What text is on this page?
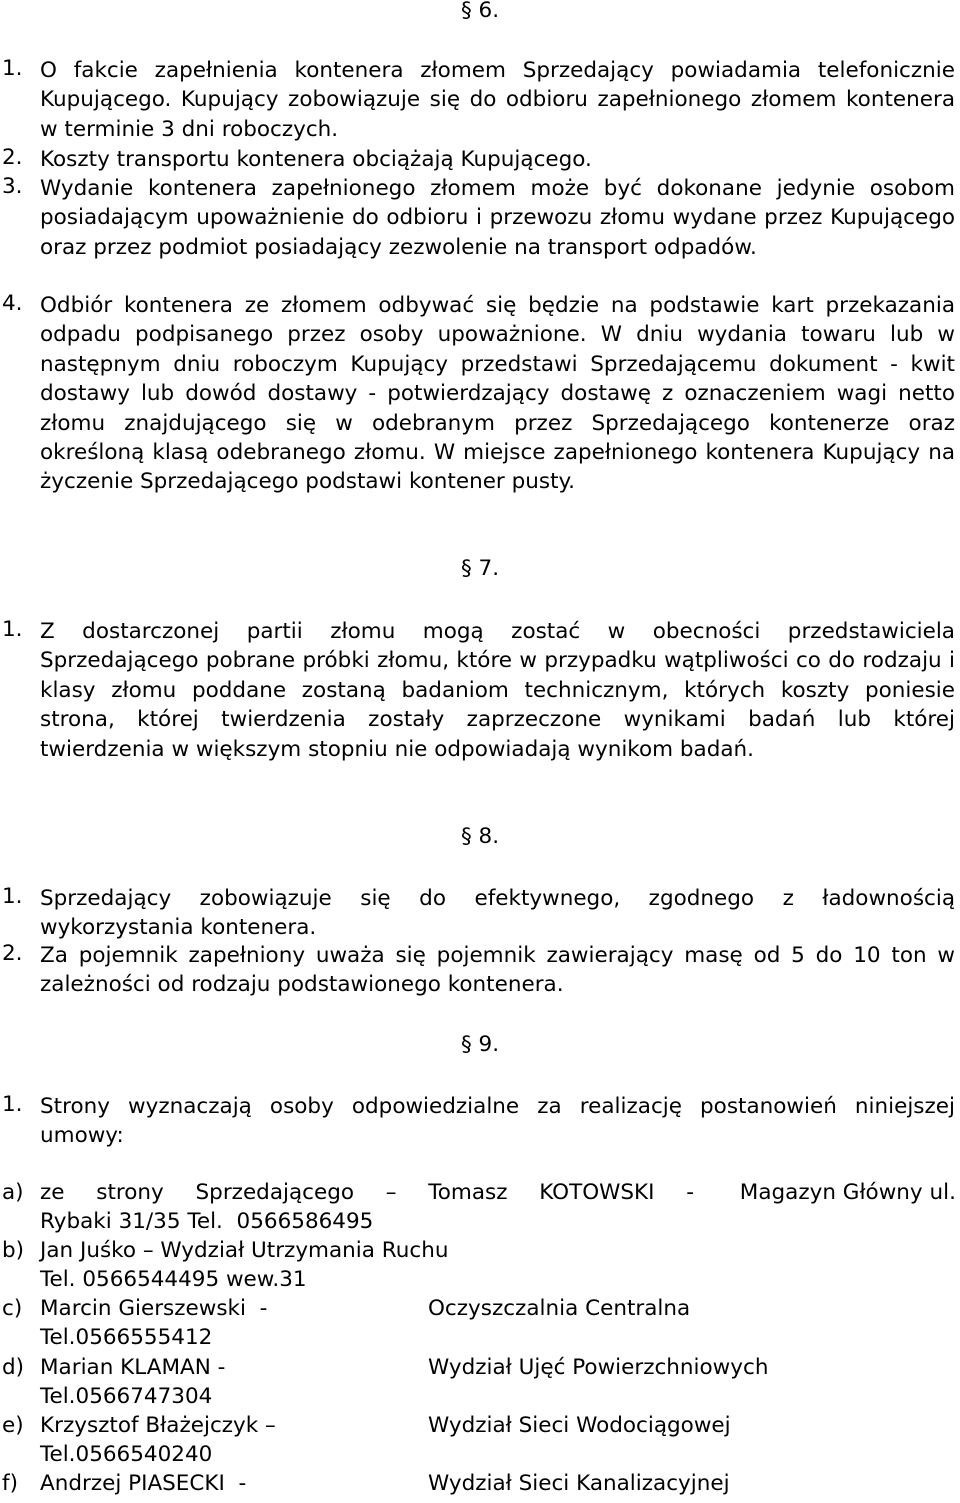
§ 6.
1. O fakcie zapełnienia kontenera złomem Sprzedający powiadamia telefonicznie Kupującego. Kupujący zobowiązuje się do odbioru zapełnionego złomem kontenera w terminie 3 dni roboczych.
2. Koszty transportu kontenera obciążają Kupującego.
3. Wydanie kontenera zapełnionego złomem może być dokonane jedynie osobom posiadającym upoważnienie do odbioru i przewozu złomu wydane przez Kupującego oraz przez podmiot posiadający zezwolenie na transport odpadów.
4. Odbiór kontenera ze złomem odbywać się będzie na podstawie kart przekazania odpadu podpisanego przez osoby upoważnione. W dniu wydania towaru lub w następnym dniu roboczym Kupujący przedstawi Sprzedającemu dokument - kwit dostawy lub dowód dostawy - potwierdzający dostawę z oznaczeniem wagi netto złomu znajdującego się w odebranym przez Sprzedającego kontenerze oraz określoną klasą odebranego złomu. W miejsce zapełnionego kontenera Kupujący na życzenie Sprzedającego podstawi kontener pusty.
§ 7.
1. Z dostarczonej partii złomu mogą zostać w obecności przedstawiciela Sprzedającego pobrane próbki złomu, które w przypadku wątpliwości co do rodzaju i klasy złomu poddane zostaną badaniom technicznym, których koszty poniesie strona, której twierdzenia zostały zaprzeczone wynikami badań lub której twierdzenia w większym stopniu nie odpowiadają wynikom badań.
§ 8.
1. Sprzedający zobowiązuje się do efektywnego, zgodnego z ładownością wykorzystania kontenera.
2. Za pojemnik zapełniony uważa się pojemnik zawierający masę od 5 do 10 ton w zależności od rodzaju podstawionego kontenera.
§ 9.
1. Strony wyznaczają osoby odpowiedzialne za realizację postanowień niniejszej umowy:
a) ze strony Sprzedającego – Tomasz KOTOWSKI - Magazyn Główny ul.
Rybaki 31/35 Tel.  0566586495
b) Jan Juśko – Wydział Utrzymania Ruchu
Tel. 0566544495 wew.31
c) Marcin Gierszewski  -	Oczyszczalnia Centralna
Tel.0566555412
d) Marian KLAMAN -	Wydział Ujęć Powierzchniowych
Tel.0566747304
e) Krzysztof Błażejczyk –	Wydział Sieci Wodociągowej
Tel.0566540240
f) Andrzej PIASECKI  -	Wydział Sieci Kanalizacyjnej
